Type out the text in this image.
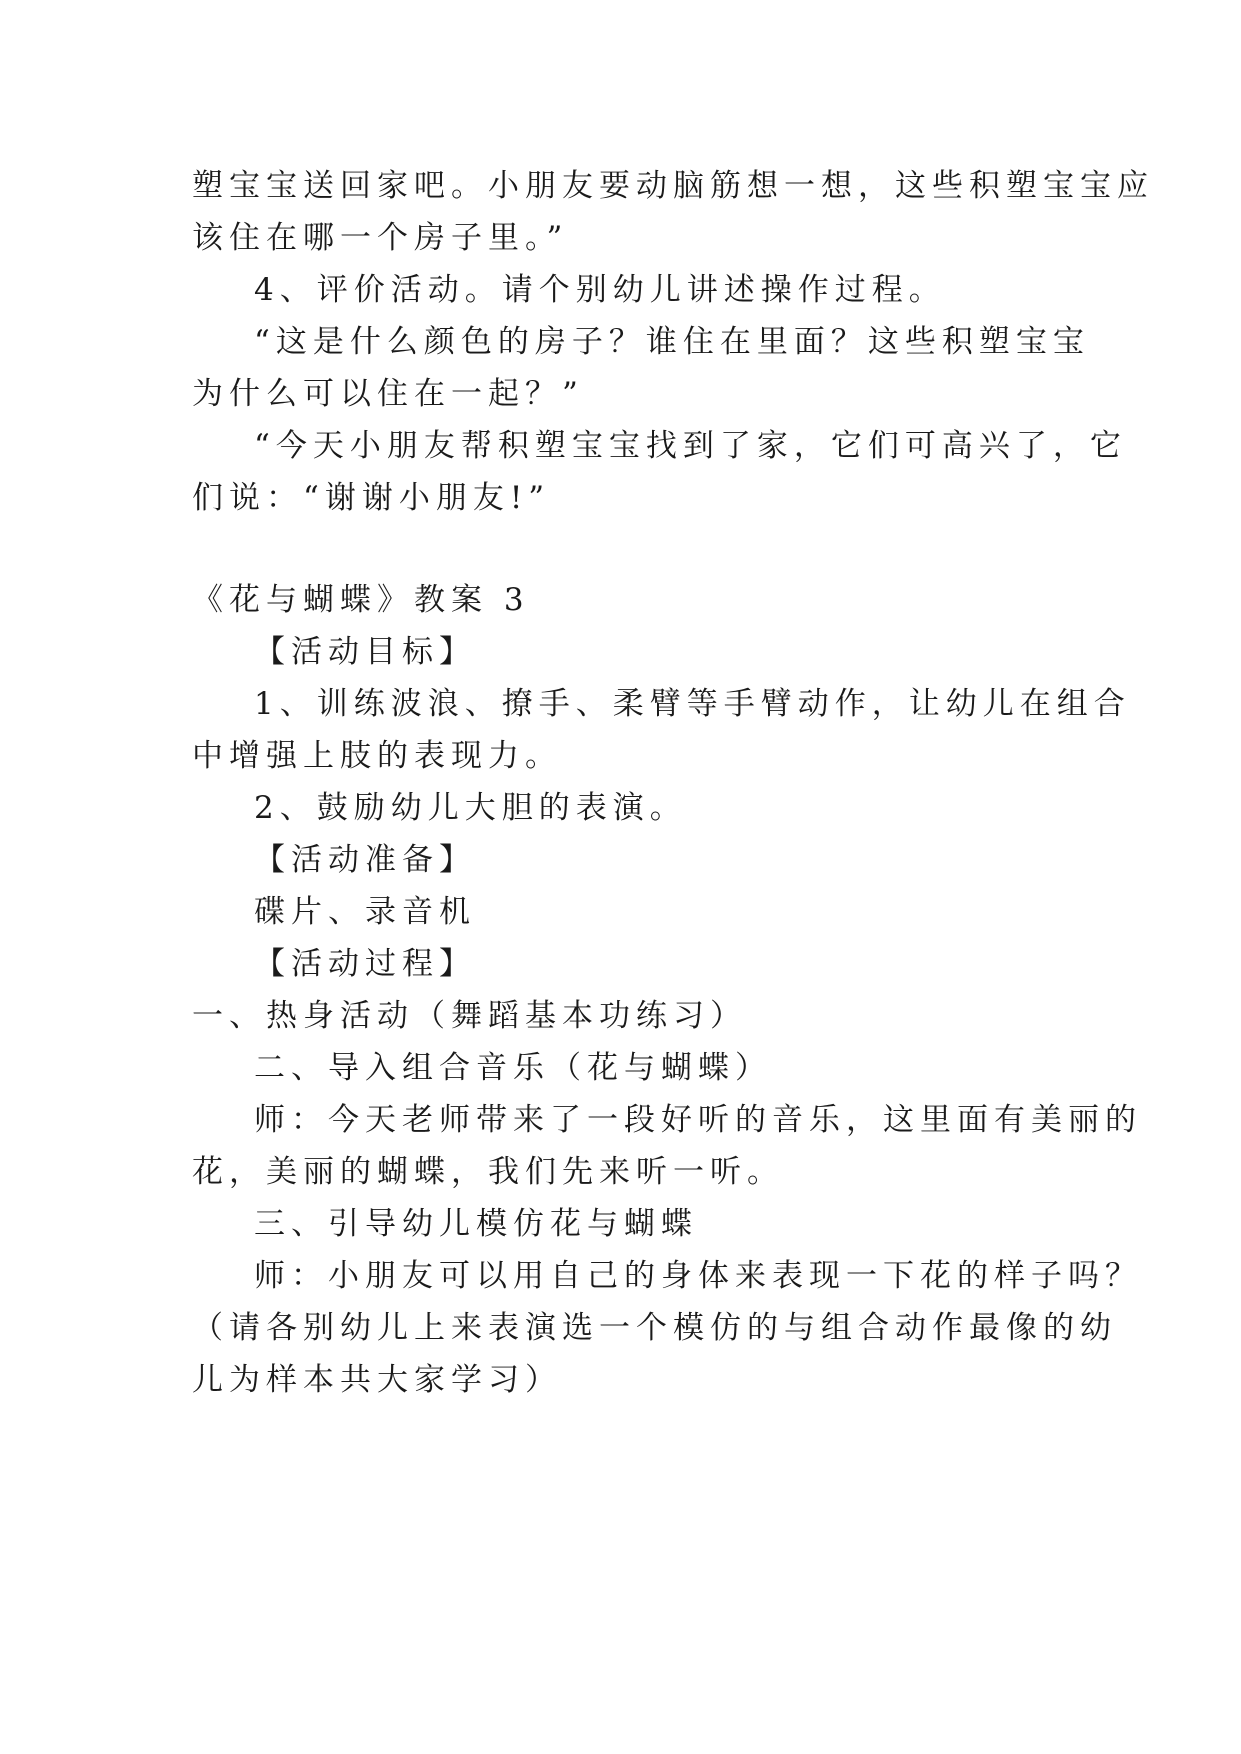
塑宝宝送回家吧。小朋友要动脑筋想一想，这些积塑宝宝应
该住在哪一个房子里。”
4、评价活动。请个别幼儿讲述操作过程。
“这是什么颜色的房子？谁住在里面？这些积塑宝宝
为什么可以住在一起？”
“今天小朋友帮积塑宝宝找到了家，它们可高兴了，它
们说：“谢谢小朋友!”
《花与蝴蝶》教案 3
【活动目标】
1、训练波浪、撩手、柔臂等手臂动作，让幼儿在组合
中增强上肢的表现力。
2、鼓励幼儿大胆的表演。
【活动准备】
碟片、录音机
【活动过程】
一、热身活动（舞蹈基本功练习）
二、导入组合音乐（花与蝴蝶）
师：今天老师带来了一段好听的音乐，这里面有美丽的
花，美丽的蝴蝶，我们先来听一听。
三、引导幼儿模仿花与蝴蝶
师：小朋友可以用自己的身体来表现一下花的样子吗？
（请各别幼儿上来表演选一个模仿的与组合动作最像的幼
儿为样本共大家学习）
